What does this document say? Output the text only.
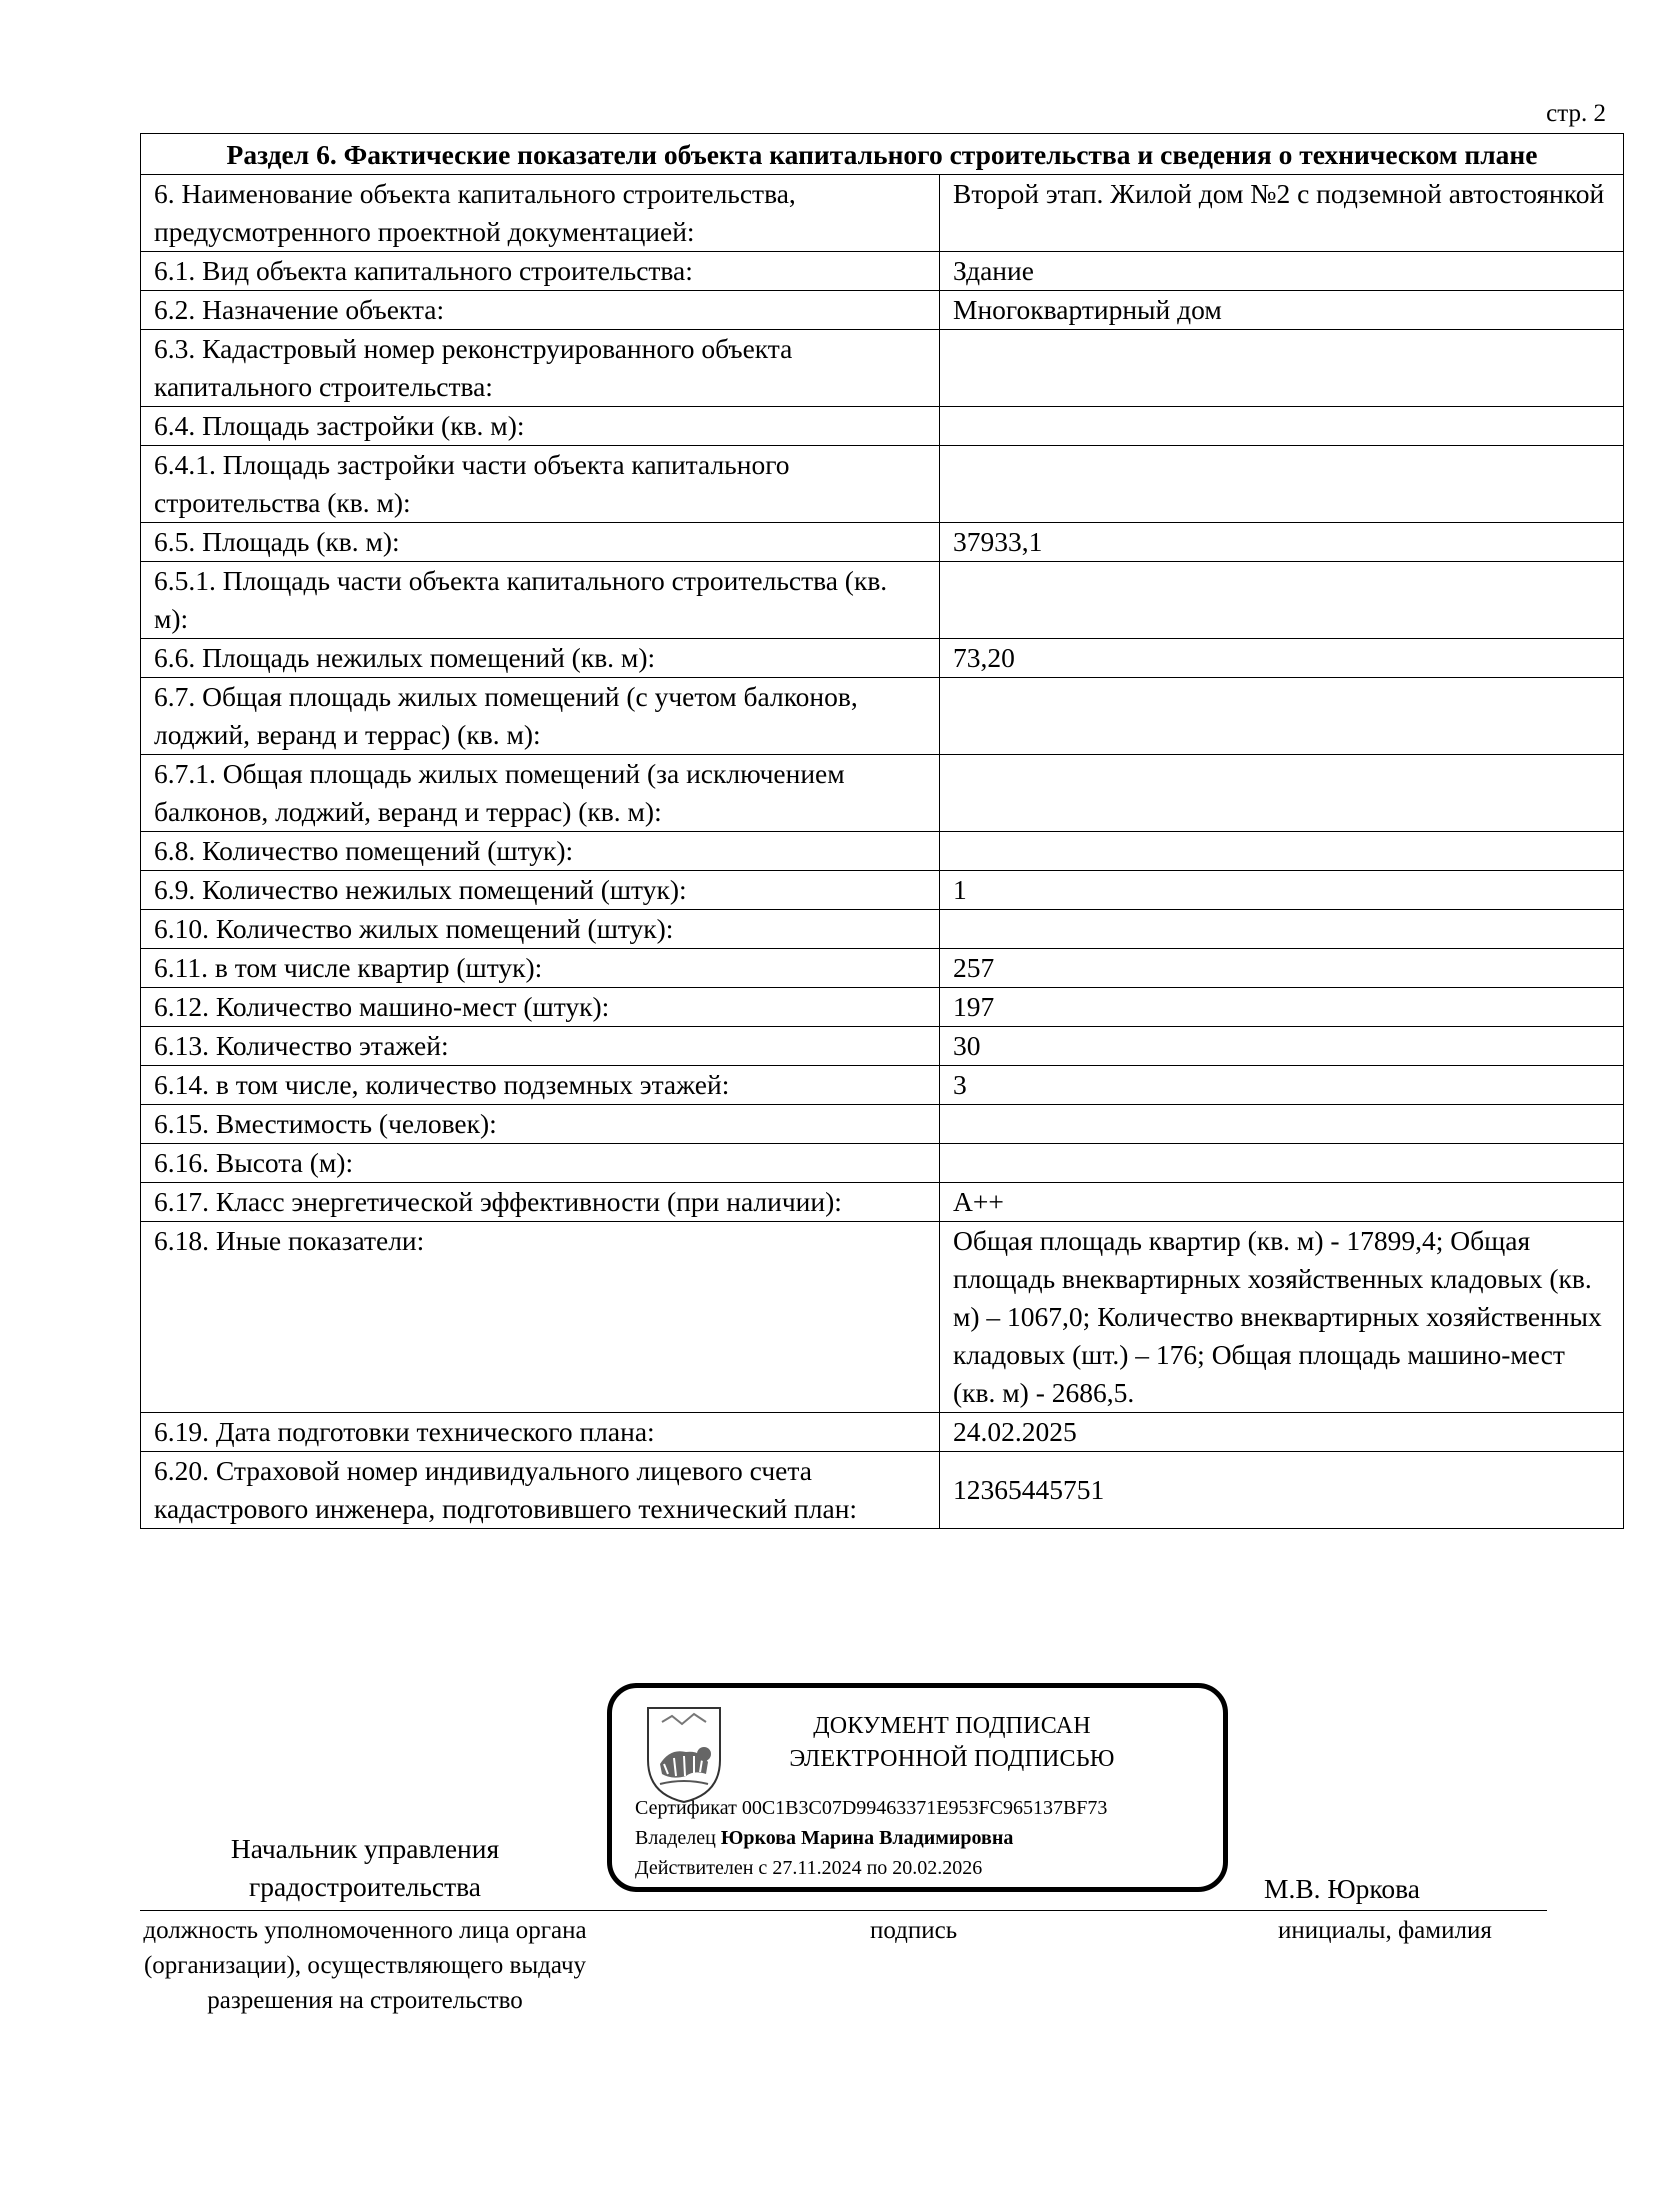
стр. 2
Раздел 6. Фактические показатели объекта капитального строительства и сведения о техническом плане	
6. Наименование объекта капитального строительства, предусмотренного проектной документацией:	Второй этап. Жилой дом №2 с подземной автостоянкой
6.1. Вид объекта капитального строительства:	Здание
6.2. Назначение объекта:	Многоквартирный дом
6.3. Кадастровый номер реконструированного объекта капитального строительства:	
6.4. Площадь застройки (кв. м):	
6.4.1. Площадь застройки части объекта капитального строительства (кв. м):	
6.5. Площадь (кв. м):	37933,1
6.5.1. Площадь части объекта капитального строительства (кв. м):	
6.6. Площадь нежилых помещений (кв. м):	73,20
6.7. Общая площадь жилых помещений (с учетом балконов, лоджий, веранд и террас) (кв. м):	
6.7.1. Общая площадь жилых помещений (за исключением балконов, лоджий, веранд и террас) (кв. м):	
6.8. Количество помещений (штук):	
6.9. Количество нежилых помещений (штук):	1
6.10. Количество жилых помещений (штук):	
6.11. в том числе квартир (штук):	257
6.12. Количество машино-мест (штук):	197
6.13. Количество этажей:	30
6.14. в том числе, количество подземных этажей:	3
6.15. Вместимость (человек):	
6.16. Высота (м):	
6.17. Класс энергетической эффективности (при наличии):	A++
6.18. Иные показатели:	Общая площадь квартир (кв. м) - 17899,4; Общая площадь внеквартирных хозяйственных кладовых (кв. м) – 1067,0; Количество внеквартирных хозяйственных кладовых (шт.) – 176; Общая площадь машино-мест (кв. м) - 2686,5.
6.19. Дата подготовки технического плана:	24.02.2025
6.20. Страховой номер индивидуального лицевого счета кадастрового инженера, подготовившего технический план:	12365445751
ДОКУМЕНТ ПОДПИСАН
ЭЛЕКТРОННОЙ ПОДПИСЬЮ
Сертификат 00C1B3C07D99463371E953FC965137BF73
Владелец Юркова Марина Владимировна
Действителен с 27.11.2024 по 20.02.2026
Начальник управления градостроительства	М.В. Юркова
должность уполномоченного лица органа (организации), осуществляющего выдачу разрешения на строительство
подпись	инициалы, фамилия
